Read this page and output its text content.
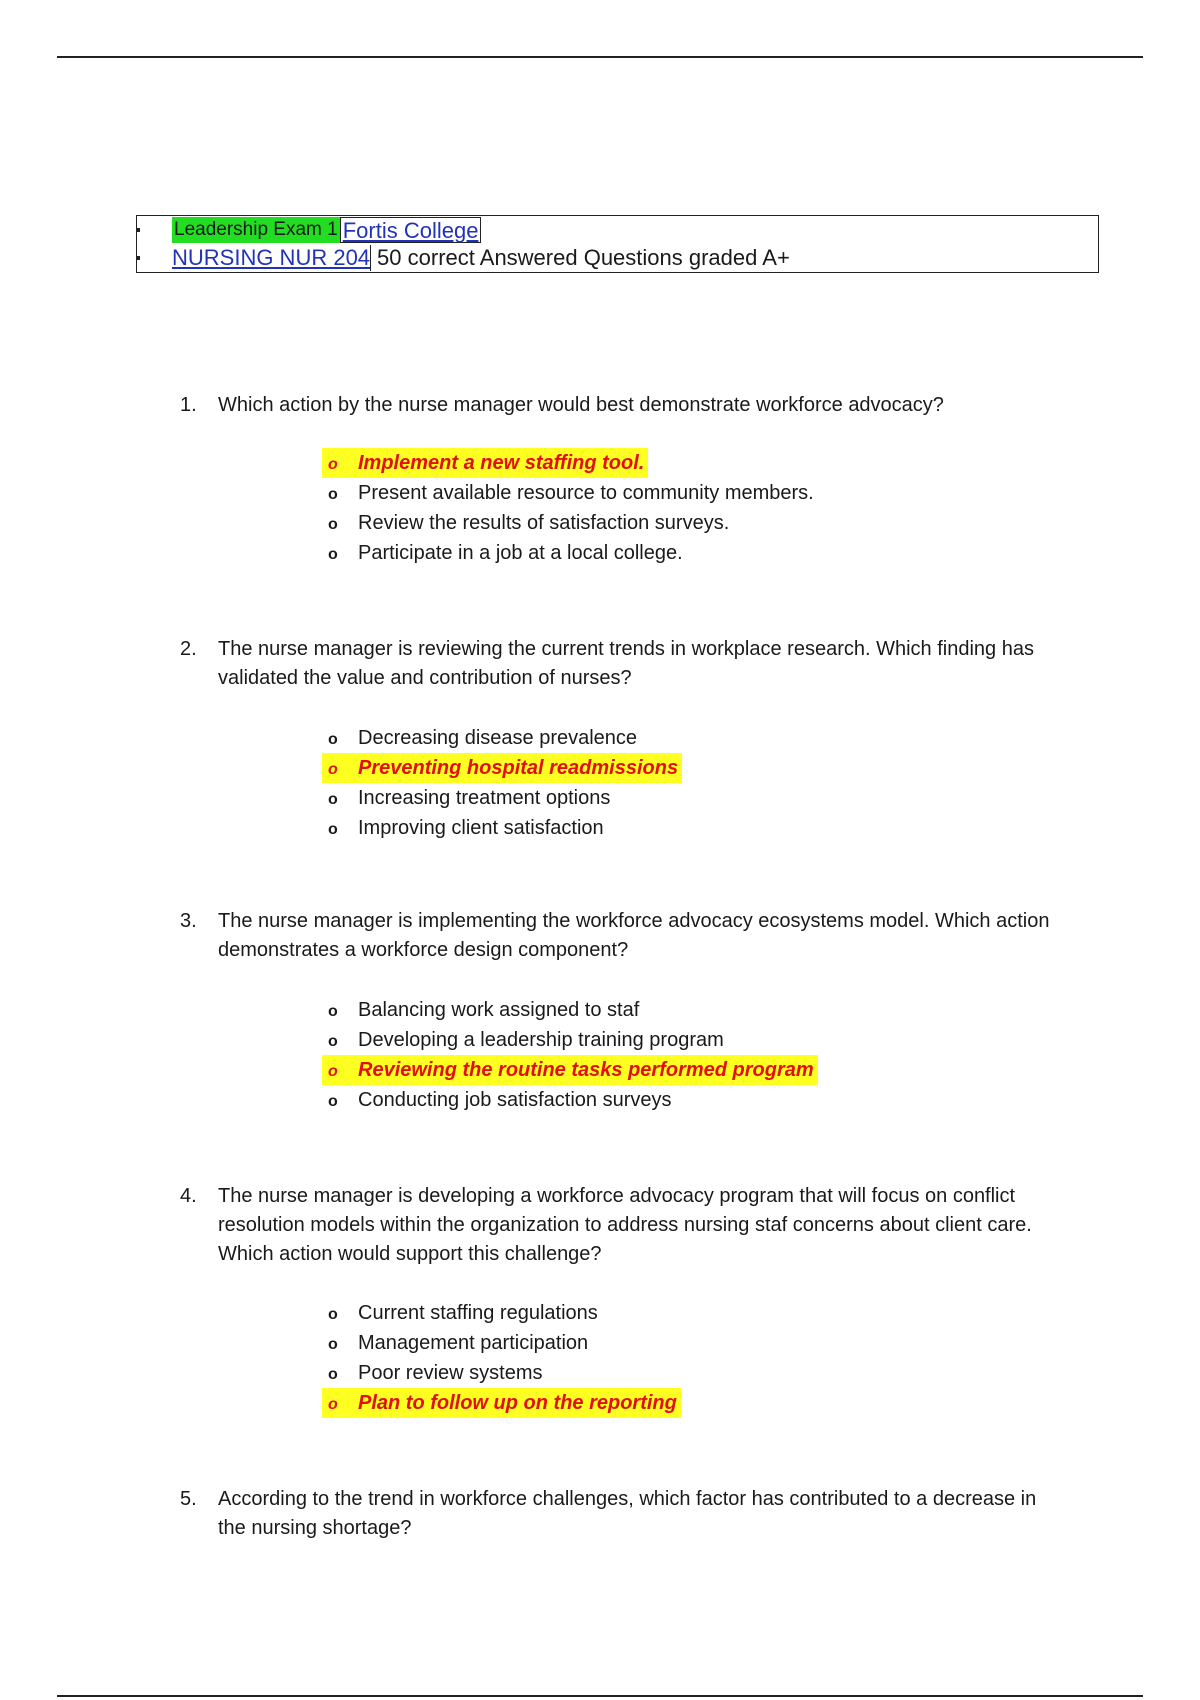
Leadership Exam 1 Fortis College
NURSING NUR 204 50 correct Answered Questions graded A+
1.	Which action by the nurse manager would best demonstrate workforce advocacy?
o Implement a new staffing tool.
o Present available resource to community members.
o Review the results of satisfaction surveys.
o Participate in a job at a local college.
2.	The nurse manager is reviewing the current trends in workplace research. Which finding has validated the value and contribution of nurses?
o Decreasing disease prevalence
o Preventing hospital readmissions
o Increasing treatment options
o Improving client satisfaction
3.	The nurse manager is implementing the workforce advocacy ecosystems model. Which action demonstrates a workforce design component?
o Balancing work assigned to staf
o Developing a leadership training program
o Reviewing the routine tasks performed program
o Conducting job satisfaction surveys
4.	The nurse manager is developing a workforce advocacy program that will focus on conflict resolution models within the organization to address nursing staf concerns about client care. Which action would support this challenge?
o Current staffing regulations
o Management participation
o Poor review systems
o Plan to follow up on the reporting
5.	According to the trend in workforce challenges, which factor has contributed to a decrease in the nursing shortage?
